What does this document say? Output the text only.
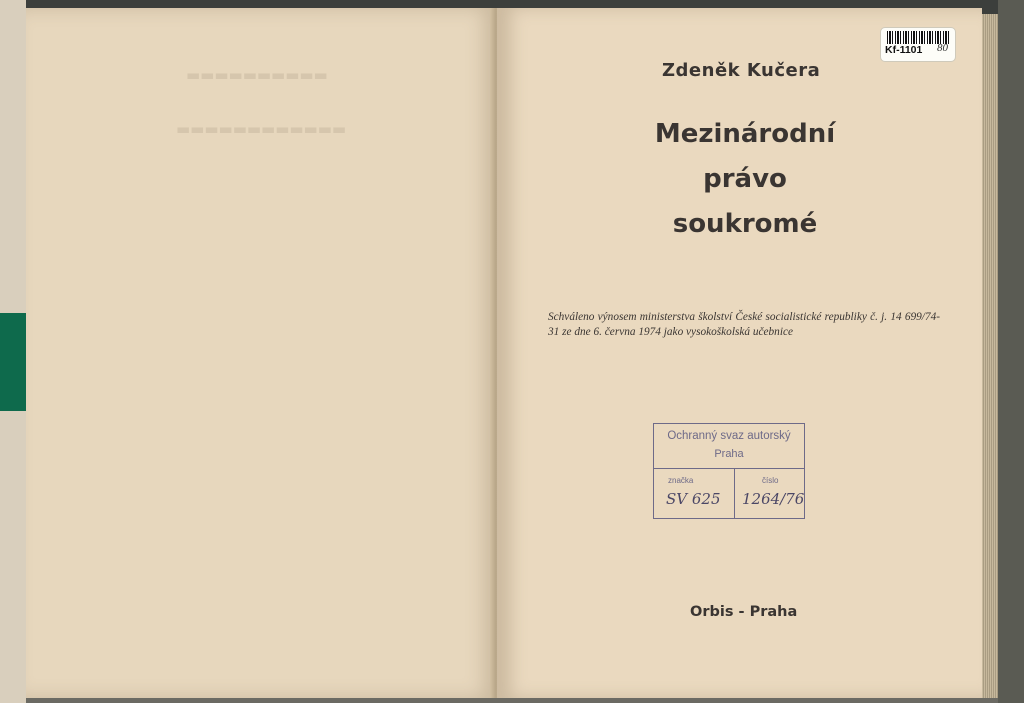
▬▬▬▬▬▬▬▬▬▬
▬▬▬▬▬▬▬▬▬▬▬▬
Kf-1101 80
Zdeněk Kučera
Mezinárodní
právo
soukromé
Schváleno výnosem ministerstva školství České socialistické republiky č. j. 14 699/74-31 ze dne 6. června 1974 jako vysokoškolská učebnice
Ochranný svaz autorský
Praha
značka	číslo
SV 625 1264/76
Orbis - Praha
